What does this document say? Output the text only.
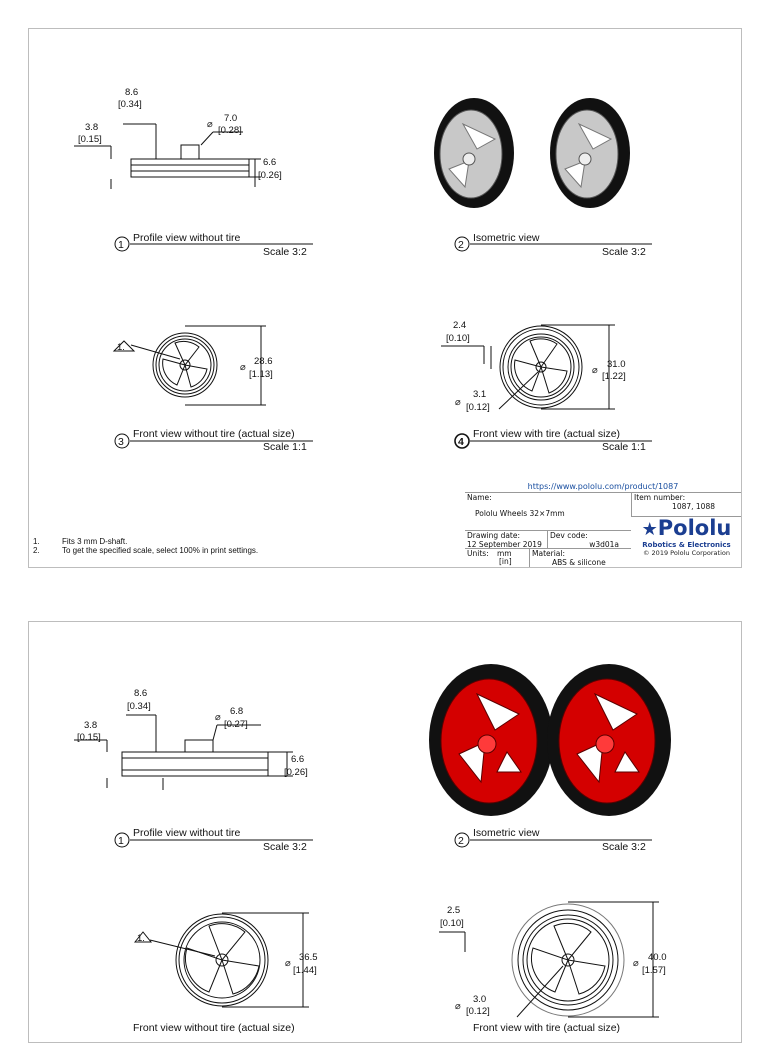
8.6
[0.34]
3.8
[0.15]
⌀
7.0
[0.28]
6.6
[0.26]
1
Profile view without tire
Scale 3:2
2
Isometric view
Scale 3:2
1.
⌀
28.6
[1.13]
3
Front view without tire (actual size)
Scale 1:1
2.4
[0.10]
⌀
31.0
[1.22]
⌀
3.1
[0.12]
4
Front view with tire (actual size)
Scale 1:1
1.	Fits 3 mm D-shaft.
2.	To get the specified scale, select 100% in print settings.
https://www.pololu.com/product/1087
Name:
Pololu Wheels 32×7mm
Item number:
1087, 1088
Drawing date:
12 September 2019
Dev code:
w3d01a
Units: mm
[in]
Material:
ABS & silicone
★Pololu
Robotics & Electronics
© 2019 Pololu Corporation
8.6
[0.34]
3.8
[0.15]
⌀
6.8
[0.27]
6.6
[0.26]
1
Profile view without tire
Scale 3:2	2
Isometric view
Scale 3:2
1.
⌀
36.5
[1.44]
Front view without tire (actual size)
2.5
[0.10]
⌀
40.0
[1.57]
⌀
3.0
[0.12]
Front view with tire (actual size)
